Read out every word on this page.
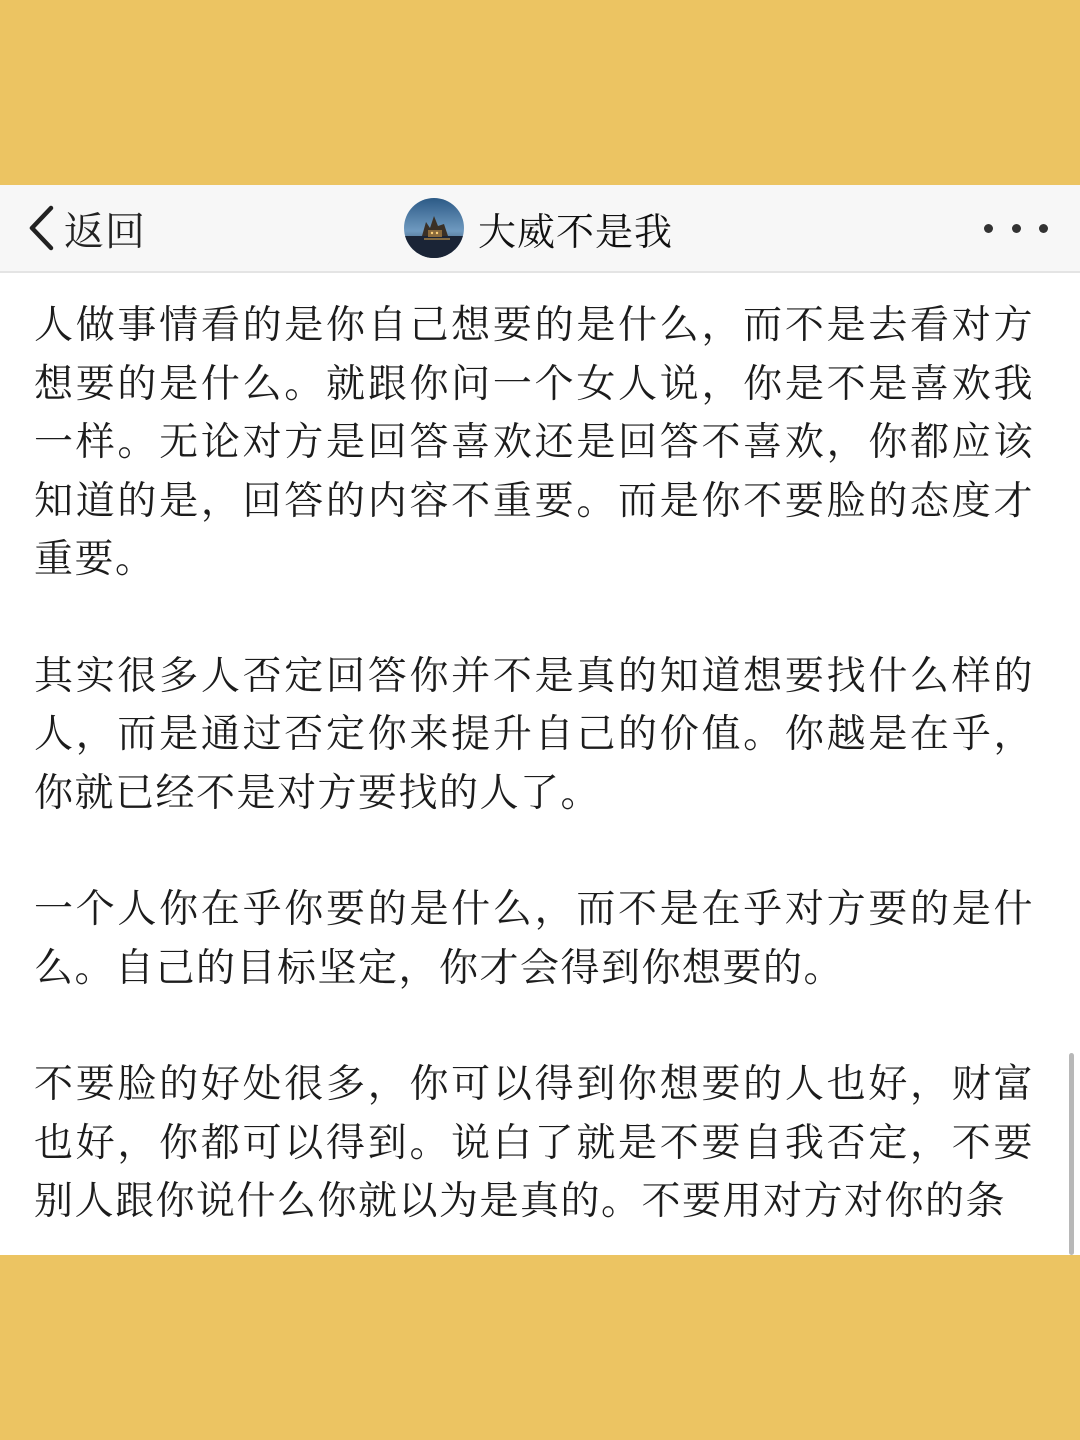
返回	大威不是我

人做事情看的是你自己想要的是什么，而不是去看对方想要的是什么。就跟你问一个女人说，你是不是喜欢我一样。无论对方是回答喜欢还是回答不喜欢，你都应该知道的是，回答的内容不重要。而是你不要脸的态度才重要。

其实很多人否定回答你并不是真的知道想要找什么样的人，而是通过否定你来提升自己的价值。你越是在乎，你就已经不是对方要找的人了。

一个人你在乎你要的是什么，而不是在乎对方要的是什么。自己的目标坚定，你才会得到你想要的。

不要脸的好处很多，你可以得到你想要的人也好，财富也好，你都可以得到。说白了就是不要自我否定，不要别人跟你说什么你就以为是真的。不要用对方对你的条
